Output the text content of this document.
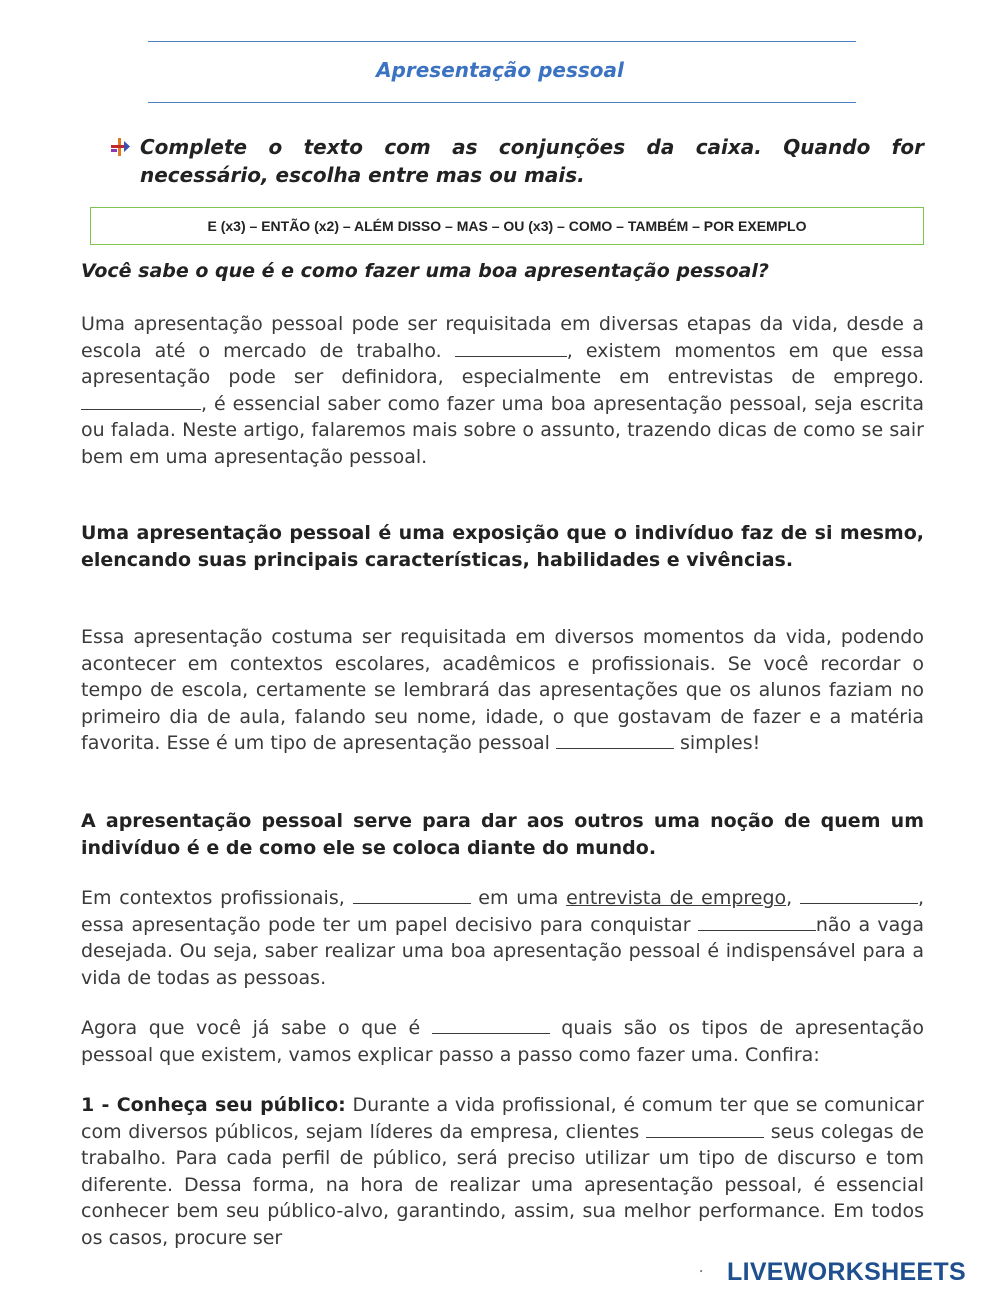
Apresentação pessoal
Complete o texto com as conjunções da caixa. Quando for necessário, escolha entre mas ou mais.
E (x3) – ENTÃO (x2) – ALÉM DISSO – MAS – OU (x3) – COMO – TAMBÉM – POR EXEMPLO
Você sabe o que é e como fazer uma boa apresentação pessoal?

Uma apresentação pessoal pode ser requisitada em diversas etapas da vida, desde a escola até o mercado de trabalho.	, existem momentos em que essa apresentação pode ser definidora, especialmente em entrevistas de emprego. , é essencial saber como fazer uma boa apresentação pessoal, seja escrita ou falada. Neste artigo, falaremos mais sobre o assunto, trazendo dicas de como se sair bem em uma apresentação pessoal.

Uma apresentação pessoal é uma exposição que o indivíduo faz de si mesmo, elencando suas principais características, habilidades e vivências.

Essa apresentação costuma ser requisitada em diversos momentos da vida, podendo acontecer em contextos escolares, acadêmicos e profissionais. Se você recordar o tempo de escola, certamente se lembrará das apresentações que os alunos faziam no primeiro dia de aula, falando seu nome, idade, o que gostavam de fazer e a matéria favorita. Esse é um tipo de apresentação pessoal	simples!

A apresentação pessoal serve para dar aos outros uma noção de quem um indivíduo é e de como ele se coloca diante do mundo.

Em contextos profissionais,	em uma entrevista de emprego,	, essa apresentação pode ter um papel decisivo para conquistar	não a vaga desejada. Ou seja, saber realizar uma boa apresentação pessoal é indispensável para a vida de todas as pessoas.

Agora que você já sabe o que é	quais são os tipos de apresentação pessoal que existem, vamos explicar passo a passo como fazer uma. Confira:

1 - Conheça seu público: Durante a vida profissional, é comum ter que se comunicar com diversos públicos, sejam líderes da empresa, clientes	seus colegas de trabalho. Para cada perfil de público, será preciso utilizar um tipo de discurso e tom diferente. Dessa forma, na hora de realizar uma apresentação pessoal, é essencial conhecer bem seu público-alvo, garantindo, assim, sua melhor performance. Em todos os casos, procure ser

LIVEWORKSHEETS
